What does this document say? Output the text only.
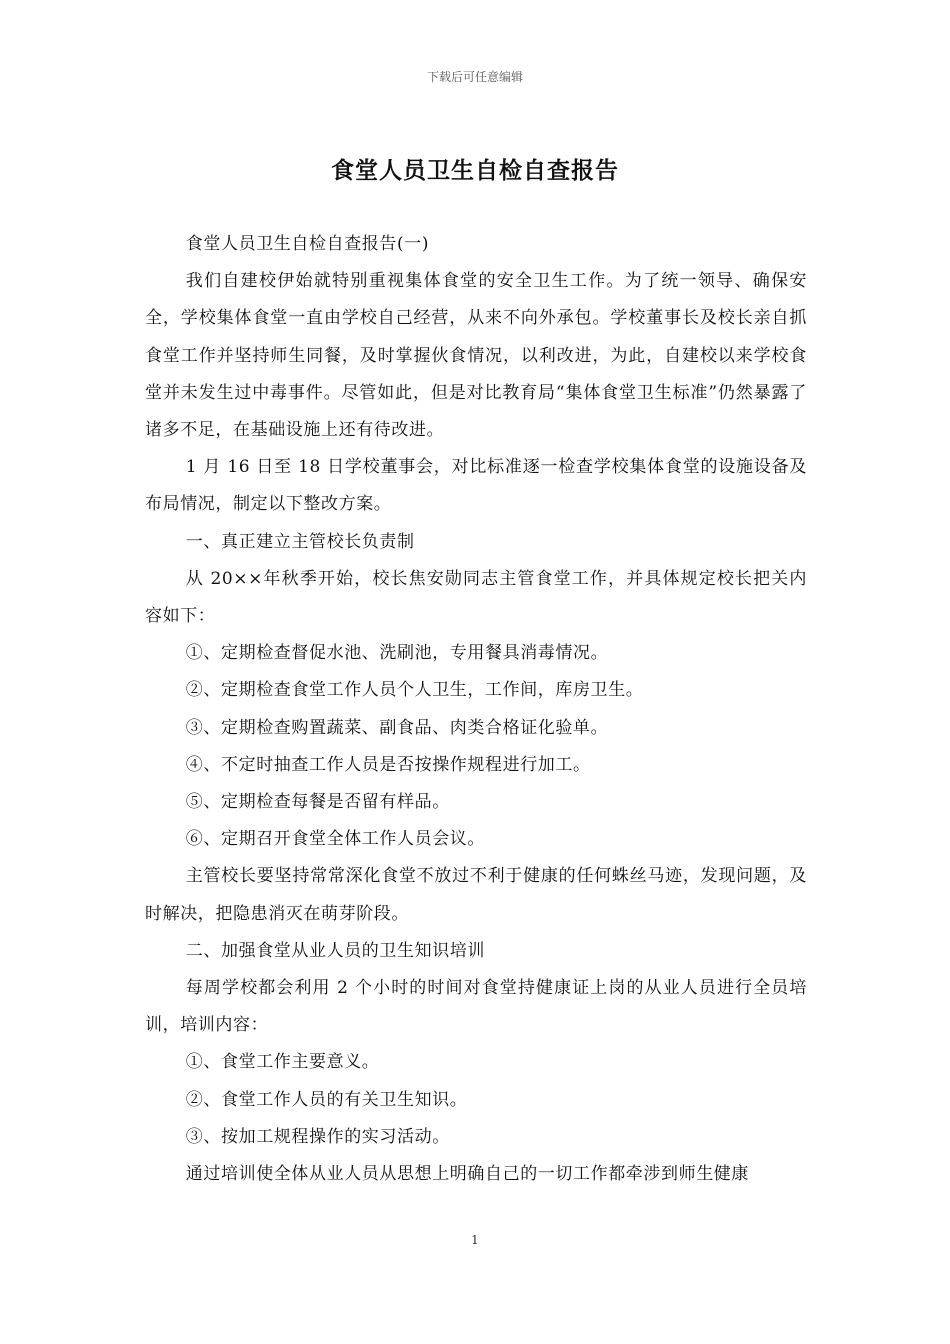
下载后可任意编辑
食堂人员卫生自检自查报告

食堂人员卫生自检自查报告(一)

我们自建校伊始就特别重视集体食堂的安全卫生工作。为了统一领导、确保安全，学校集体食堂一直由学校自己经营，从来不向外承包。学校董事长及校长亲自抓食堂工作并坚持师生同餐，及时掌握伙食情况，以利改进，为此，自建校以来学校食堂并未发生过中毒事件。尽管如此，但是对比教育局“集体食堂卫生标准”仍然暴露了诸多不足，在基础设施上还有待改进。

1 月 16 日至 18 日学校董事会，对比标准逐一检查学校集体食堂的设施设备及布局情况，制定以下整改方案。

一、真正建立主管校长负责制

从 20××年秋季开始，校长焦安勋同志主管食堂工作，并具体规定校长把关内容如下：

①、定期检查督促水池、洗刷池，专用餐具消毒情况。

②、定期检查食堂工作人员个人卫生，工作间，库房卫生。

③、定期检查购置蔬菜、副食品、肉类合格证化验单。

④、不定时抽查工作人员是否按操作规程进行加工。

⑤、定期检查每餐是否留有样品。

⑥、定期召开食堂全体工作人员会议。

主管校长要坚持常常深化食堂不放过不利于健康的任何蛛丝马迹，发现问题，及时解决，把隐患消灭在萌芽阶段。

二、加强食堂从业人员的卫生知识培训

每周学校都会利用 2 个小时的时间对食堂持健康证上岗的从业人员进行全员培训，培训内容：

①、食堂工作主要意义。

②、食堂工作人员的有关卫生知识。

③、按加工规程操作的实习活动。

通过培训使全体从业人员从思想上明确自己的一切工作都牵涉到师生健康

1
